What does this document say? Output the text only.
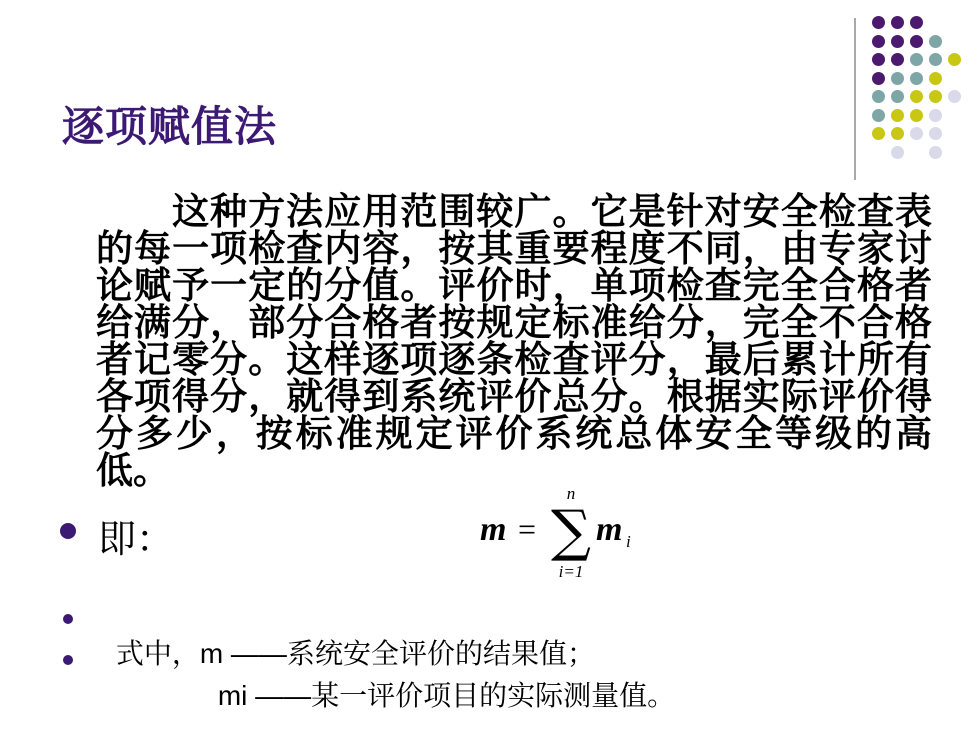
逐项赋值法

这种方法应用范围较广。它是针对安全检查表的每一项检查内容，按其重要程度不同，由专家讨论赋予一定的分值。评价时，单项检查完全合格者给满分，部分合格者按规定标准给分，完全不合格者记零分。这样逐项逐条检查评分，最后累计所有各项得分，就得到系统评价总分。根据实际评价得分多少，按标准规定评价系统总体安全等级的高低。

即：
n
m = ∑ m i
i=1

式中，m ——系统安全评价的结果值；

mi ——某一评价项目的实际测量值。
